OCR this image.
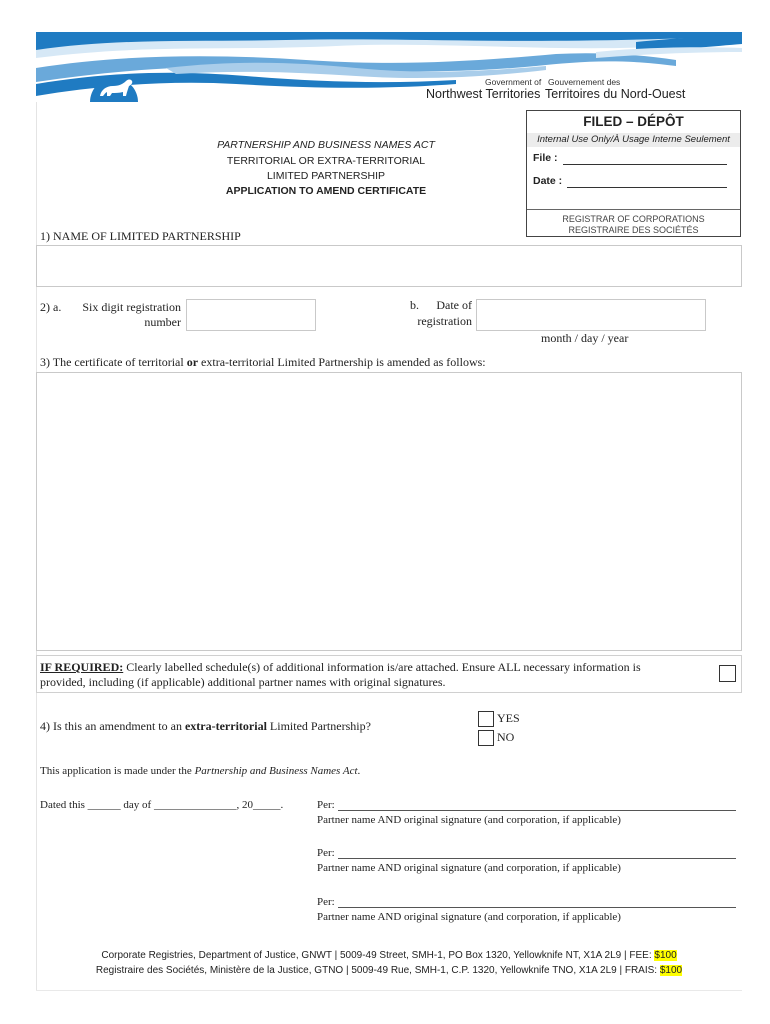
Government of Gouvernement des
Northwest Territories Territoires du Nord-Ouest
FILED – DÉPÔT
Internal Use Only/À Usage Interne Seulement
File :
Date :
REGISTRAR OF CORPORATIONS
REGISTRAIRE DES SOCIÉTÉS
PARTNERSHIP AND BUSINESS NAMES ACT
TERRITORIAL OR EXTRA-TERRITORIAL
LIMITED PARTNERSHIP
APPLICATION TO AMEND CERTIFICATE
1) NAME OF LIMITED PARTNERSHIP
2) a.	Six digit registration
number
b.	Date of
registration
month / day / year
3) The certificate of territorial or extra-territorial Limited Partnership is amended as follows:
IF REQUIRED: Clearly labelled schedule(s) of additional information is/are attached. Ensure ALL necessary information is
provided, including (if applicable) additional partner names with original signatures.
4) Is this an amendment to an extra-territorial Limited Partnership?
YES
NO
This application is made under the Partnership and Business Names Act.
Dated this ______ day of _______________, 20_____.	Per:
Partner name AND original signature (and corporation, if applicable)
Per:
Partner name AND original signature (and corporation, if applicable)
Per:
Partner name AND original signature (and corporation, if applicable)
Corporate Registries, Department of Justice, GNWT | 5009-49 Street, SMH-1, PO Box 1320, Yellowknife NT, X1A 2L9 | FEE: $100
Registraire des Sociétés, Ministère de la Justice, GTNO | 5009-49 Rue, SMH-1, C.P. 1320, Yellowknife TNO, X1A 2L9 | FRAIS: $100
